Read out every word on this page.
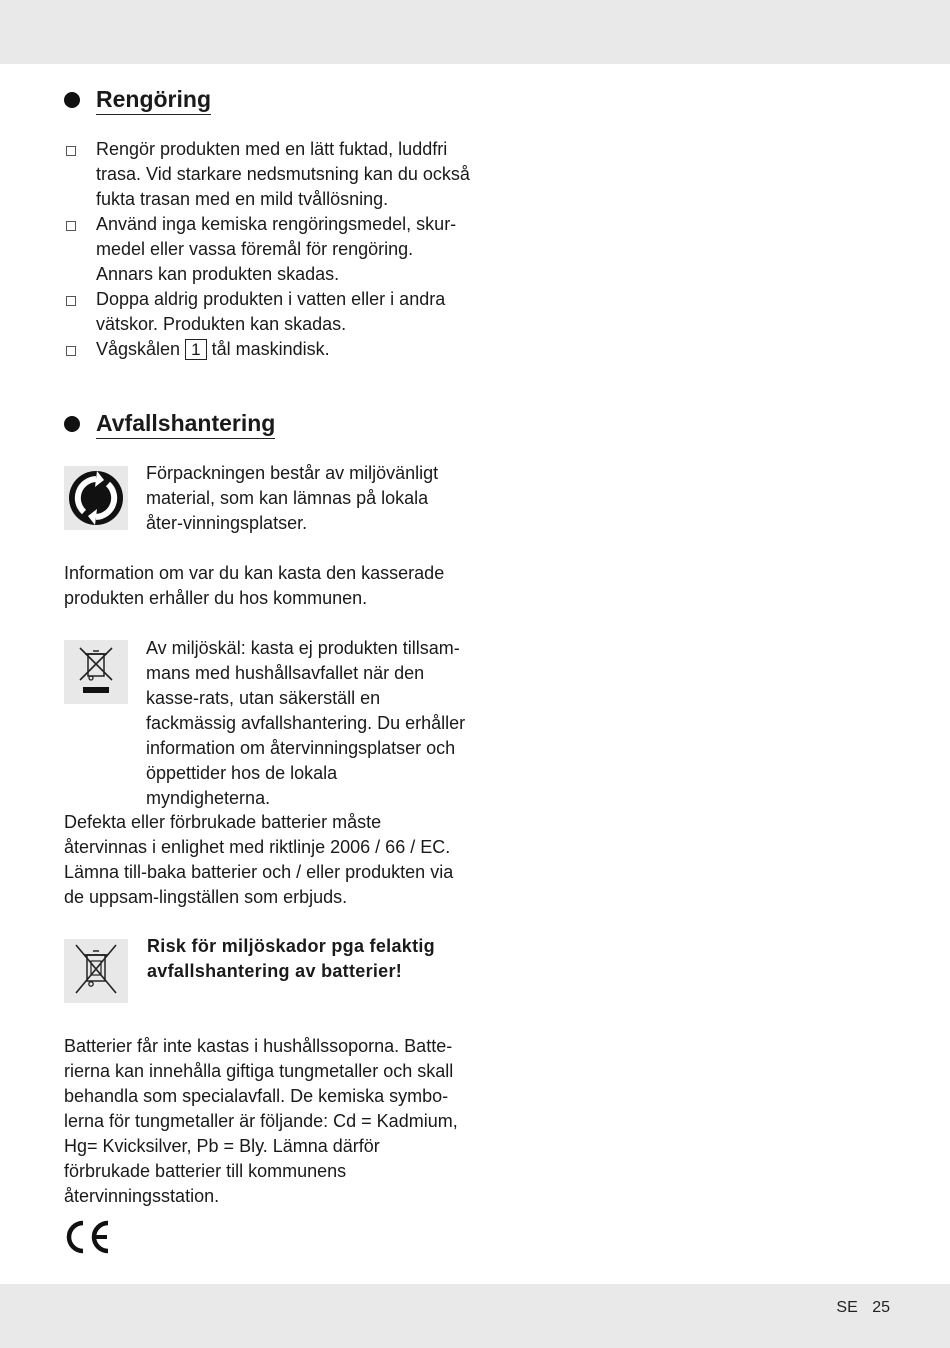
Rengöring
Rengör produkten med en lätt fuktad, luddfri trasa. Vid starkare nedsmutsning kan du också fukta trasan med en mild tvållösning.
Använd inga kemiska rengöringsmedel, skur-medel eller vassa föremål för rengöring. Annars kan produkten skadas.
Doppa aldrig produkten i vatten eller i andra vätskor. Produkten kan skadas.
Vågskålen 1 tål maskindisk.
Avfallshantering

Förpackningen består av miljövänligt material, som kan lämnas på lokala åter-vinningsplatser.

Information om var du kan kasta den kasserade produkten erhåller du hos kommunen.

Av miljöskäl: kasta ej produkten tillsam-mans med hushållsavfallet när den kasse-rats, utan säkerställ en fackmässig avfallshantering. Du erhåller information om återvinningsplatser och öppettider hos de lokala myndigheterna.

Defekta eller förbrukade batterier måste återvinnas i enlighet med riktlinje 2006 / 66 / EC. Lämna till-baka batterier och / eller produkten via de uppsam-lingställen som erbjuds.

Risk för miljöskador pga felaktig avfallshantering av batterier!

Batterier får inte kastas i hushållssoporna. Batte-rierna kan innehålla giftiga tungmetaller och skall behandla som specialavfall. De kemiska symbo-lerna för tungmetaller är följande: Cd = Kadmium, Hg= Kvicksilver, Pb = Bly. Lämna därför förbrukade batterier till kommunens återvinningsstation.

SE 25
